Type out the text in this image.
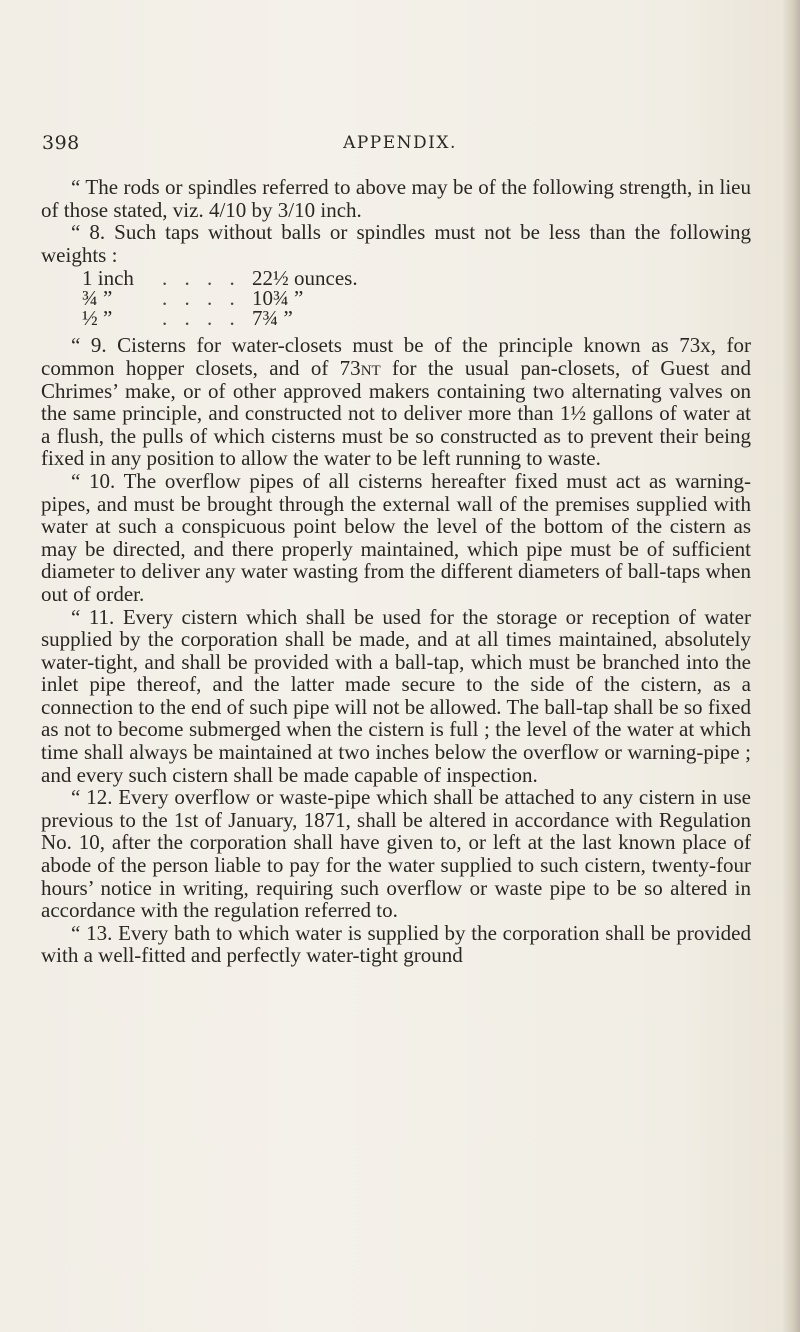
398	APPENDIX.

“ The rods or spindles referred to above may be of the following strength, in lieu of those stated, viz. 4/10 by 3/10 inch.

“ 8. Such taps without balls or spindles must not be less than the following weights :

1 inch	. . . . 22½ ounces.
¾ ”	. . . . 10¾ ”
½ ”	. . . . 7¾ ”

“ 9. Cisterns for water-closets must be of the principle known as 73x, for common hopper closets, and of 73nt for the usual pan-closets, of Guest and Chrimes’ make, or of other approved makers containing two alternating valves on the same principle, and constructed not to deliver more than 1½ gallons of water at a flush, the pulls of which cisterns must be so constructed as to prevent their being fixed in any position to allow the water to be left running to waste.

“ 10. The overflow pipes of all cisterns hereafter fixed must act as warning-pipes, and must be brought through the external wall of the premises supplied with water at such a conspicuous point below the level of the bottom of the cistern as may be directed, and there properly maintained, which pipe must be of sufficient diameter to deliver any water wasting from the different diameters of ball-taps when out of order.

“ 11. Every cistern which shall be used for the storage or reception of water supplied by the corporation shall be made, and at all times maintained, absolutely water-tight, and shall be provided with a ball-tap, which must be branched into the inlet pipe thereof, and the latter made secure to the side of the cistern, as a connection to the end of such pipe will not be allowed. The ball-tap shall be so fixed as not to become submerged when the cistern is full ; the level of the water at which time shall always be maintained at two inches below the overflow or warning-pipe ; and every such cistern shall be made capable of inspection.

“ 12. Every overflow or waste-pipe which shall be attached to any cistern in use previous to the 1st of January, 1871, shall be altered in accordance with Regulation No. 10, after the corporation shall have given to, or left at the last known place of abode of the person liable to pay for the water supplied to such cistern, twenty-four hours’ notice in writing, requiring such overflow or waste pipe to be so altered in accordance with the regulation referred to.

“ 13. Every bath to which water is supplied by the corporation shall be provided with a well-fitted and perfectly water-tight ground
